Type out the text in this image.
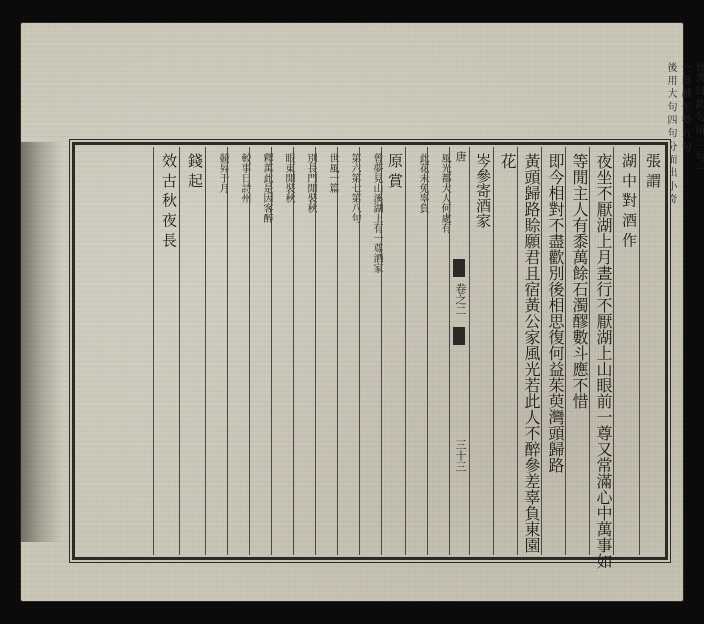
晉書 日 此 句 用 二 句 一
一 部 越 乍 勢 五 句
後 用 大 句 四 句 分 而 出 小 奇
張 謂
湖 中 對 酒 作
夜坐不厭湖上月晝行不厭湖上山眼前一尊又常滿心中萬事如
等閒主人有黍萬餘石濁醪數斗應不惜
即今相對不盡歡別後相思復何益茱萸灣頭歸路
黃頭歸路賒願君且宿黃公家風光若此人不醉參差辜負東園
花
岑參寄酒家
唐
卷之二
三十三
風光都大人何處有
此花未免辜負
原 賞
曾夢見山溪湖上有一尊酒家
第六第七第八句
世風一篇
別長門閒裝秋
眼東閒裝秋
釋萬此是因客醉
較事日詩州
競昇于月
錢 起
效 古 秋 夜 長
